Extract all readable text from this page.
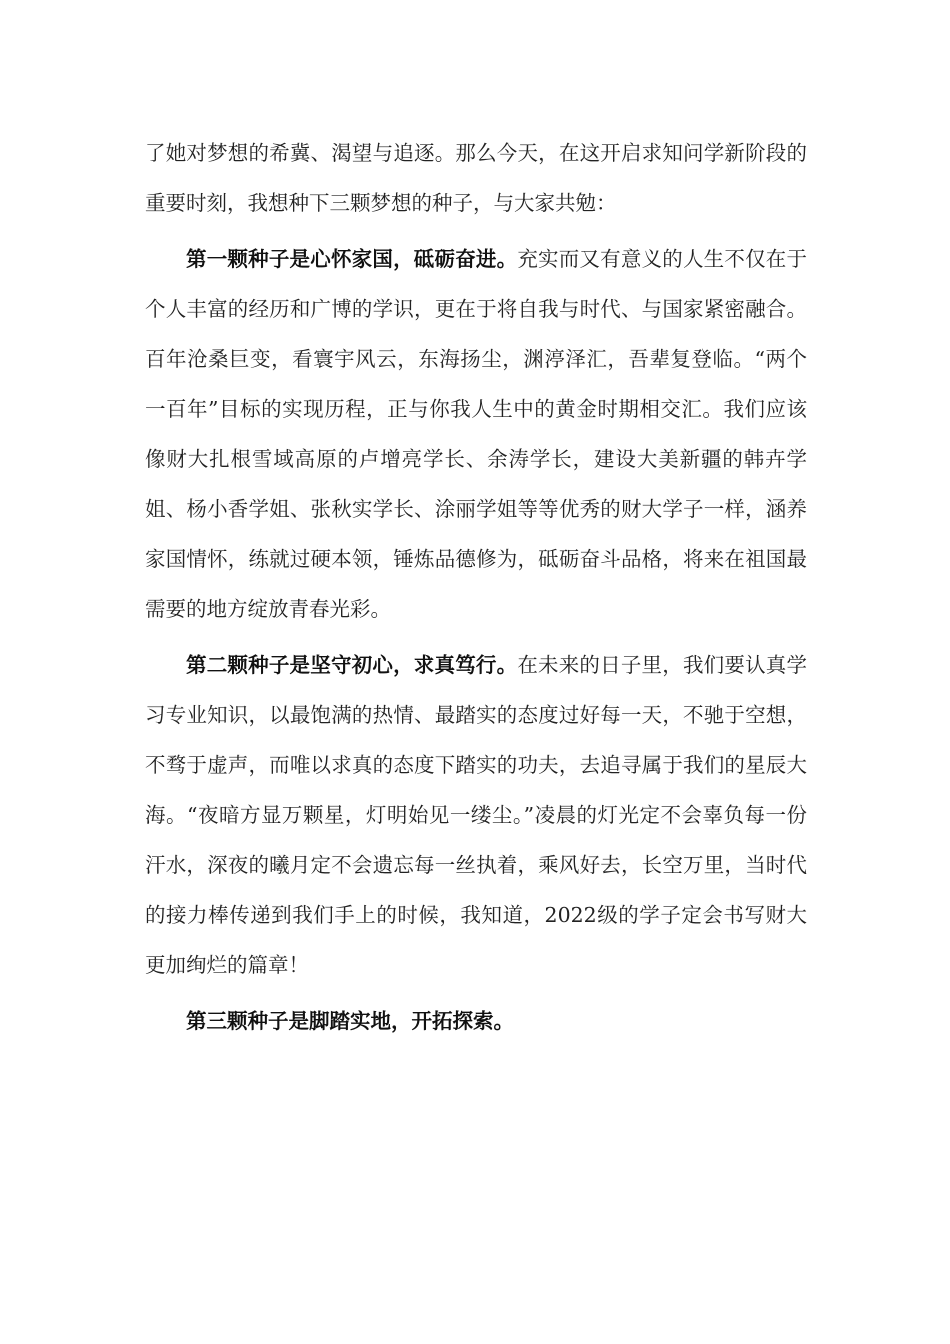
了她对梦想的希冀、渴望与追逐。那么今天，在这开启求知问学新阶段的重要时刻，我想种下三颗梦想的种子，与大家共勉：

第一颗种子是心怀家国，砥砺奋进。充实而又有意义的人生不仅在于个人丰富的经历和广博的学识，更在于将自我与时代、与国家紧密融合。百年沧桑巨变，看寰宇风云，东海扬尘，渊渟泽汇，吾辈复登临。“两个一百年”目标的实现历程，正与你我人生中的黄金时期相交汇。我们应该像财大扎根雪域高原的卢增亮学长、余涛学长，建设大美新疆的韩卉学姐、杨小香学姐、张秋实学长、涂丽学姐等等优秀的财大学子一样，涵养家国情怀，练就过硬本领，锤炼品德修为，砥砺奋斗品格，将来在祖国最需要的地方绽放青春光彩。

第二颗种子是坚守初心，求真笃行。在未来的日子里，我们要认真学习专业知识，以最饱满的热情、最踏实的态度过好每一天，不驰于空想，不骛于虚声，而唯以求真的态度下踏实的功夫，去追寻属于我们的星辰大海。“夜暗方显万颗星，灯明始见一缕尘。”凌晨的灯光定不会辜负每一份汗水，深夜的曦月定不会遗忘每一丝执着，乘风好去，长空万里，当时代的接力棒传递到我们手上的时候，我知道，2022级的学子定会书写财大更加绚烂的篇章！

第三颗种子是脚踏实地，开拓探索。
